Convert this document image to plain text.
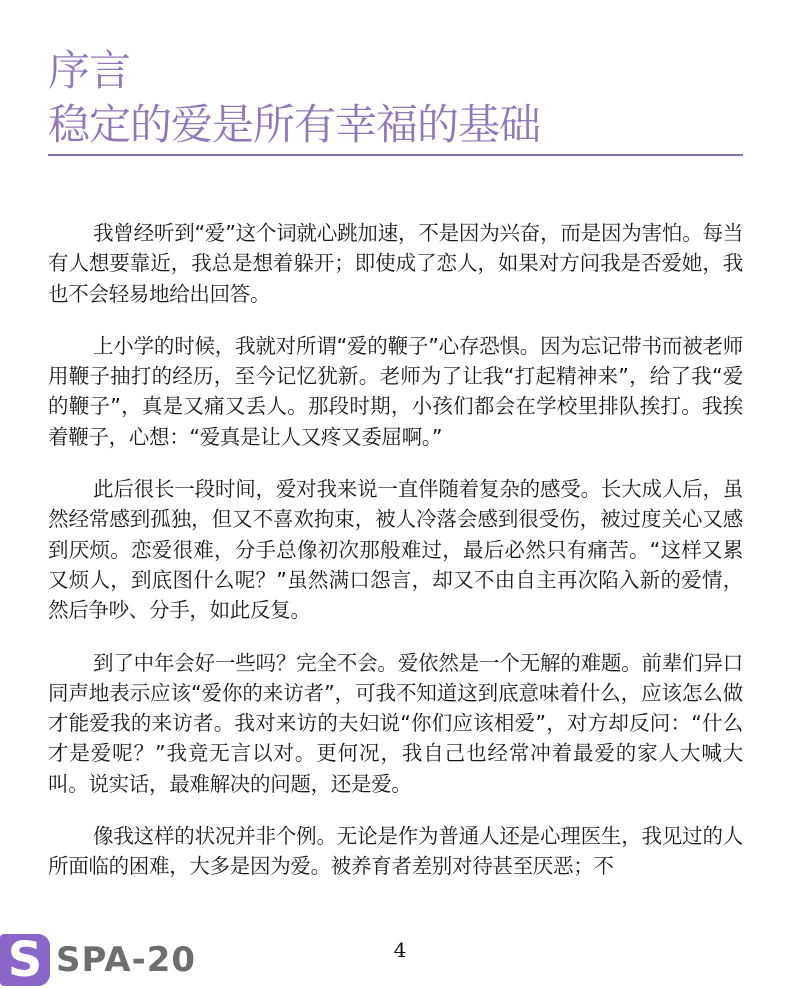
序言
稳定的爱是所有幸福的基础

我曾经听到“爱”这个词就心跳加速，不是因为兴奋，而是因为害怕。每当有人想要靠近，我总是想着躲开；即使成了恋人，如果对方问我是否爱她，我也不会轻易地给出回答。

上小学的时候，我就对所谓“爱的鞭子”心存恐惧。因为忘记带书而被老师用鞭子抽打的经历，至今记忆犹新。老师为了让我“打起精神来”，给了我“爱的鞭子”，真是又痛又丢人。那段时期，小孩们都会在学校里排队挨打。我挨着鞭子，心想：“爱真是让人又疼又委屈啊。”

此后很长一段时间，爱对我来说一直伴随着复杂的感受。长大成人后，虽然经常感到孤独，但又不喜欢拘束，被人冷落会感到很受伤，被过度关心又感到厌烦。恋爱很难，分手总像初次那般难过，最后必然只有痛苦。“这样又累又烦人，到底图什么呢？”虽然满口怨言，却又不由自主再次陷入新的爱情，然后争吵、分手，如此反复。

到了中年会好一些吗？完全不会。爱依然是一个无解的难题。前辈们异口同声地表示应该“爱你的来访者”，可我不知道这到底意味着什么，应该怎么做才能爱我的来访者。我对来访的夫妇说“你们应该相爱”，对方却反问：“什么才是爱呢？”我竟无言以对。更何况，我自己也经常冲着最爱的家人大喊大叫。说实话，最难解决的问题，还是爱。

像我这样的状况并非个例。无论是作为普通人还是心理医生，我见过的人所面临的困难，大多是因为爱。被养育者差别对待甚至厌恶；不

4
S SPA-20
